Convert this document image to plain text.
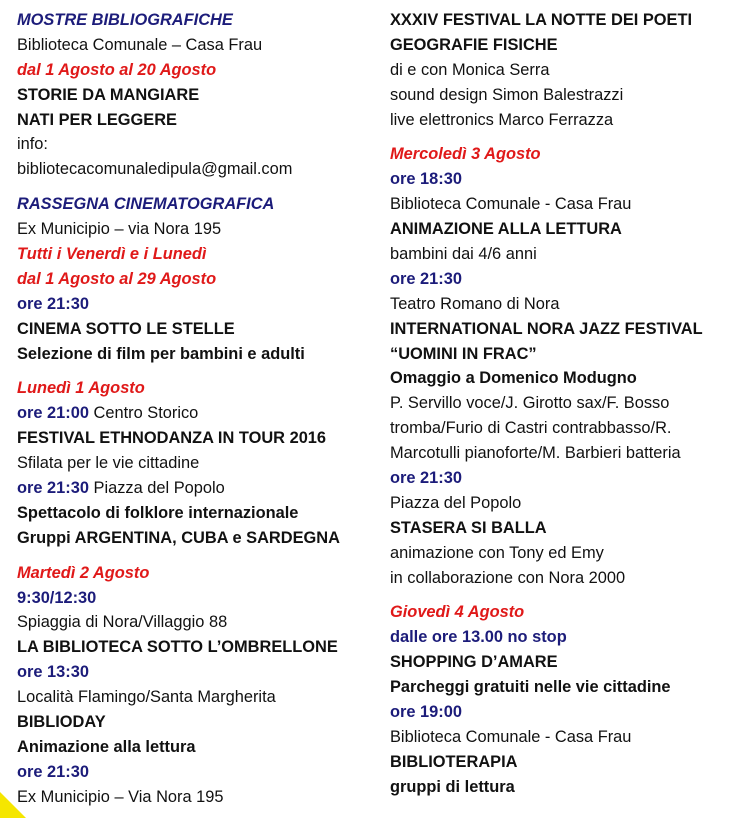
MOSTRE BIBLIOGRAFICHE
Biblioteca Comunale – Casa Frau
dal 1 Agosto al 20 Agosto
STORIE DA MANGIARE
NATI PER LEGGERE
info:
bibliotecacomunaledipula@gmail.com
RASSEGNA CINEMATOGRAFICA
Ex Municipio – via Nora 195
Tutti i Venerdì e i Lunedì
dal 1 Agosto al 29 Agosto
ore 21:30
CINEMA SOTTO LE STELLE
Selezione di film per bambini e adulti
Lunedì 1 Agosto
ore 21:00 Centro Storico
FESTIVAL ETHNODANZA IN TOUR 2016
Sfilata per le vie cittadine
ore 21:30 Piazza del Popolo
Spettacolo di folklore internazionale
Gruppi ARGENTINA, CUBA e SARDEGNA
Martedì 2 Agosto
9:30/12:30
Spiaggia di Nora/Villaggio 88
LA BIBLIOTECA SOTTO L’OMBRELLONE
ore 13:30
Località Flamingo/Santa Margherita
BIBLIODAY
Animazione alla lettura
ore 21:30
Ex Municipio – Via Nora 195
XXXIV FESTIVAL LA NOTTE DEI POETI
GEOGRAFIE FISICHE
di e con Monica Serra
sound design Simon Balestrazzi
live elettronics Marco Ferrazza
Mercoledì 3 Agosto
ore 18:30
Biblioteca Comunale - Casa Frau
ANIMAZIONE ALLA LETTURA
bambini dai 4/6 anni
ore 21:30
Teatro Romano di Nora
INTERNATIONAL NORA JAZZ FESTIVAL
“UOMINI IN FRAC”
Omaggio a Domenico Modugno
P. Servillo voce/J. Girotto sax/F. Bosso
tromba/Furio di Castri contrabbasso/R.
Marcotulli pianoforte/M. Barbieri batteria
ore 21:30
Piazza del Popolo
STASERA SI BALLA
animazione con Tony ed Emy
in collaborazione con Nora 2000
Giovedì 4 Agosto
dalle ore 13.00 no stop
SHOPPING D’AMARE
Parcheggi gratuiti nelle vie cittadine
ore 19:00
Biblioteca Comunale - Casa Frau
BIBLIOTERAPIA
gruppi di lettura
